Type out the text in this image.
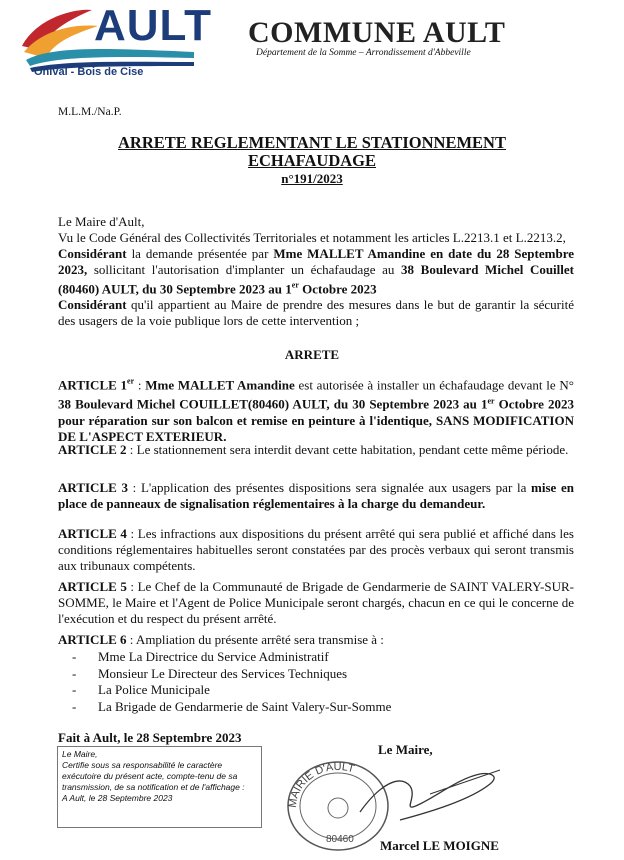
AULT
Onival - Bois de Cise
COMMUNE AULT
Département de la Somme – Arrondissement d'Abbeville
M.L.M./Na.P.
ARRETE REGLEMENTANT LE STATIONNEMENT
ECHAFAUDAGE
n°191/2023
Le Maire d'Ault,
Vu le Code Général des Collectivités Territoriales et notamment les articles L.2213.1 et L.2213.2,
Considérant la demande présentée par Mme MALLET Amandine en date du 28 Septembre 2023, sollicitant l'autorisation d'implanter un échafaudage au 38 Boulevard Michel Couillet (80460) AULT, du 30 Septembre 2023 au 1er Octobre 2023
Considérant qu'il appartient au Maire de prendre des mesures dans le but de garantir la sécurité des usagers de la voie publique lors de cette intervention ;
ARRETE
ARTICLE 1er : Mme MALLET Amandine est autorisée à installer un échafaudage devant le N° 38 Boulevard Michel COUILLET(80460) AULT, du 30 Septembre 2023 au 1er Octobre 2023 pour réparation sur son balcon et remise en peinture à l'identique, SANS MODIFICATION DE L'ASPECT EXTERIEUR.
ARTICLE 2 : Le stationnement sera interdit devant cette habitation, pendant cette même période.
ARTICLE 3 : L'application des présentes dispositions sera signalée aux usagers par la mise en place de panneaux de signalisation réglementaires à la charge du demandeur.
ARTICLE 4 : Les infractions aux dispositions du présent arrêté qui sera publié et affiché dans les conditions réglementaires habituelles seront constatées par des procès verbaux qui seront transmis aux tribunaux compétents.
ARTICLE 5 : Le Chef de la Communauté de Brigade de Gendarmerie de SAINT VALERY-SUR-SOMME, le Maire et l'Agent de Police Municipale seront chargés, chacun en ce qui le concerne de l'exécution et du respect du présent arrêté.
ARTICLE 6 : Ampliation du présente arrêté sera transmise à :
- Mme La Directrice du Service Administratif
- Monsieur Le Directeur des Services Techniques
- La Police Municipale
- La Brigade de Gendarmerie de Saint Valery-Sur-Somme
Fait à Ault, le 28 Septembre 2023
Le Maire,
Certifie sous sa responsabilité le caractère exécutoire du présent acte, compte-tenu de sa transmission, de sa notification et de l'affichage :
A Ault, le 28 Septembre 2023	MAIRIE D'AULT
80460
Le Maire,
Marcel LE MOIGNE
